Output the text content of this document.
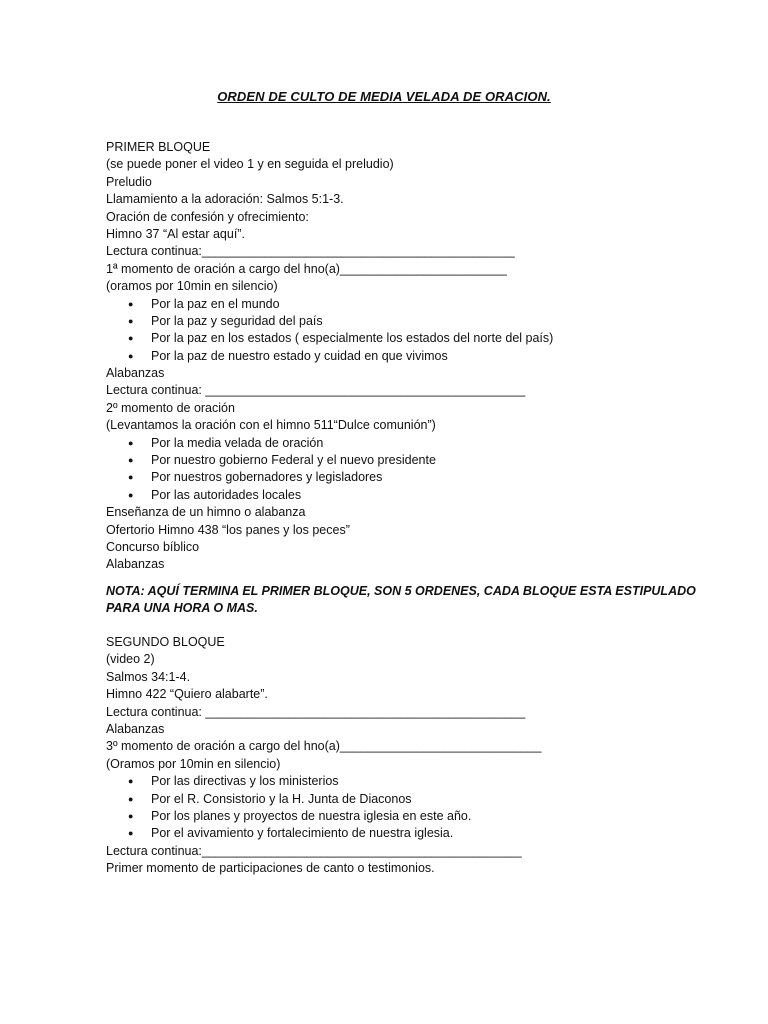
ORDEN DE CULTO DE MEDIA VELADA DE ORACION.
PRIMER BLOQUE
(se puede poner el video 1 y en seguida el preludio)
Preludio
Llamamiento a la adoración: Salmos 5:1-3.
Oración de confesión y ofrecimiento:
Himno 37 “Al estar aquí”.
Lectura continua:_____________________________________________
1ª momento de oración a cargo del hno(a)________________________
(oramos por 10min en silencio)
● Por la paz en el mundo
● Por la paz y seguridad del país
● Por la paz en los estados ( especialmente los estados del norte del país)
● Por la paz de nuestro estado y cuidad en que vivimos
Alabanzas
Lectura continua: ______________________________________________
2º momento de oración
(Levantamos la oración con el himno 511“Dulce comunión”)
● Por la media velada de oración
● Por nuestro gobierno Federal y el nuevo presidente
● Por nuestros gobernadores y legisladores
● Por las autoridades locales
Enseñanza de un himno o alabanza
Ofertorio Himno 438 “los panes y los peces”
Concurso bíblico
Alabanzas
NOTA: AQUÍ TERMINA EL PRIMER BLOQUE, SON 5 ORDENES, CADA BLOQUE ESTA ESTIPULADO
PARA UNA HORA O MAS.
SEGUNDO BLOQUE
(video 2)
Salmos 34:1-4.
Himno 422 “Quiero alabarte”.
Lectura continua: ______________________________________________
Alabanzas
3º momento de oración a cargo del hno(a)_____________________________
(Oramos por 10min en silencio)
● Por las directivas y los ministerios
● Por el R. Consistorio y la H. Junta de Diaconos
● Por los planes y proyectos de nuestra iglesia en este año.
● Por el avivamiento y fortalecimiento de nuestra iglesia.
Lectura continua:______________________________________________
Primer momento de participaciones de canto o testimonios.
